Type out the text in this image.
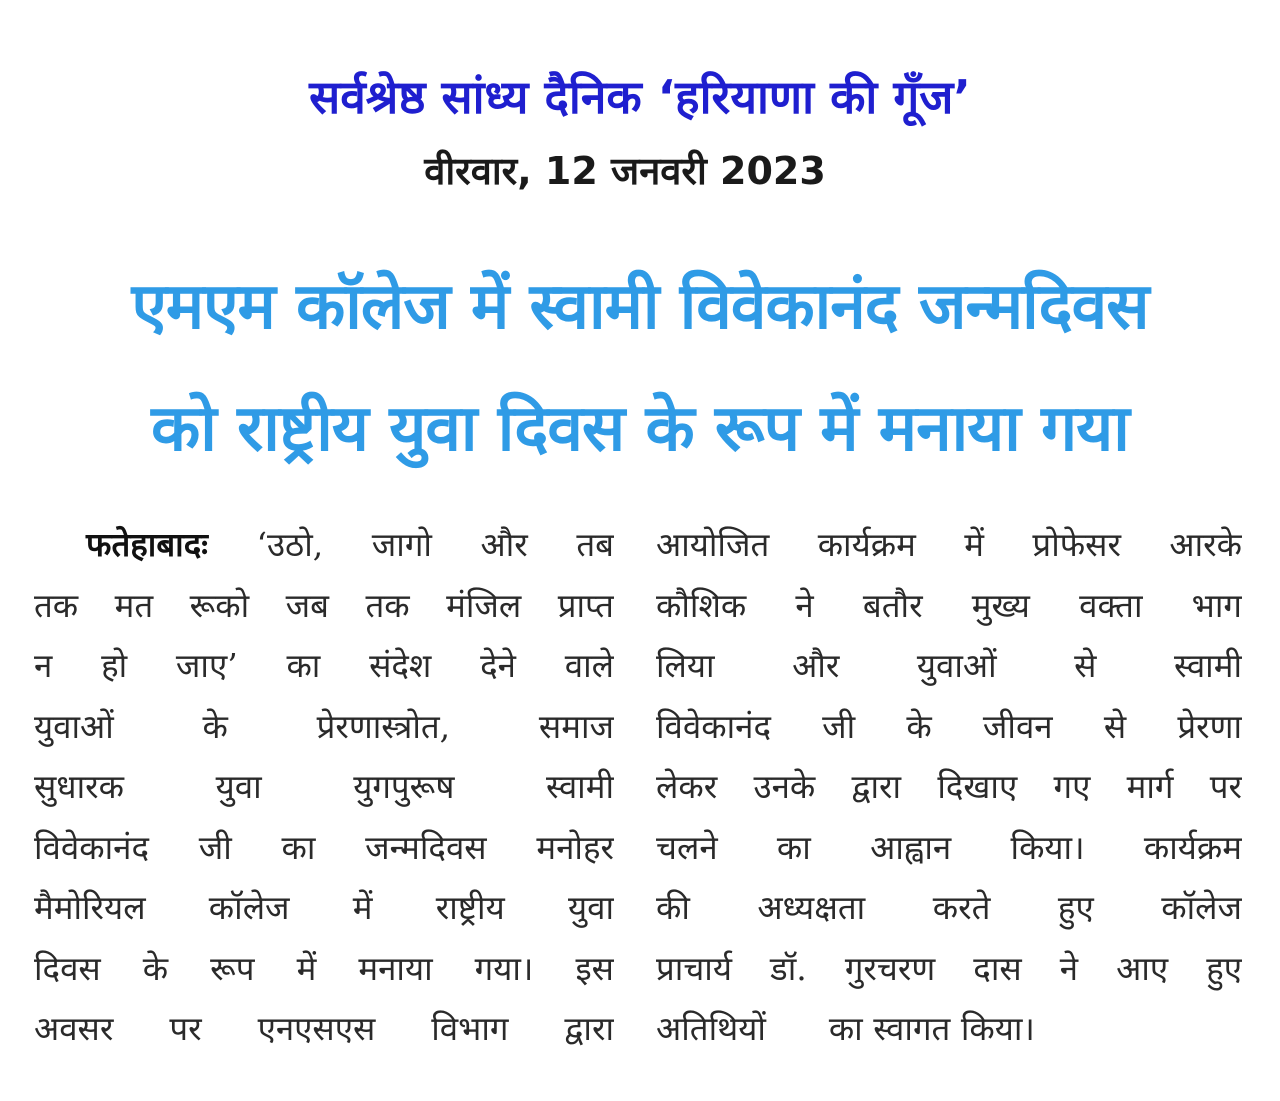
सर्वश्रेष्ठ सांध्य दैनिक ‘हरियाणा की गूँज’
वीरवार, 12 जनवरी 2023
एमएम कॉलेज में स्वामी विवेकानंद जन्मदिवस
को राष्ट्रीय युवा दिवस के रूप में मनाया गया
फतेहाबादः ‘उठो, जागो और तब
तक मत रूको जब तक मंजिल प्राप्त
न हो जाए’ का संदेश देने वाले
युवाओं के प्रेरणास्त्रोत, समाज
सुधारक युवा युगपुरूष स्वामी
विवेकानंद जी का जन्मदिवस मनोहर
मैमोरियल कॉलेज में राष्ट्रीय युवा
दिवस के रूप में मनाया गया। इस
अवसर पर एनएसएस विभाग द्वारा
आयोजित कार्यक्रम में प्रोफेसर आरके
कौशिक ने बतौर मुख्य वक्ता भाग
लिया और युवाओं से स्वामी
विवेकानंद जी के जीवन से प्रेरणा
लेकर उनके द्वारा दिखाए गए मार्ग पर
चलने का आह्वान किया। कार्यक्रम
की अध्यक्षता करते हुए कॉलेज
प्राचार्य डॉ. गुरचरण दास ने आए हुए
अतिथियों      का स्वागत किया।
